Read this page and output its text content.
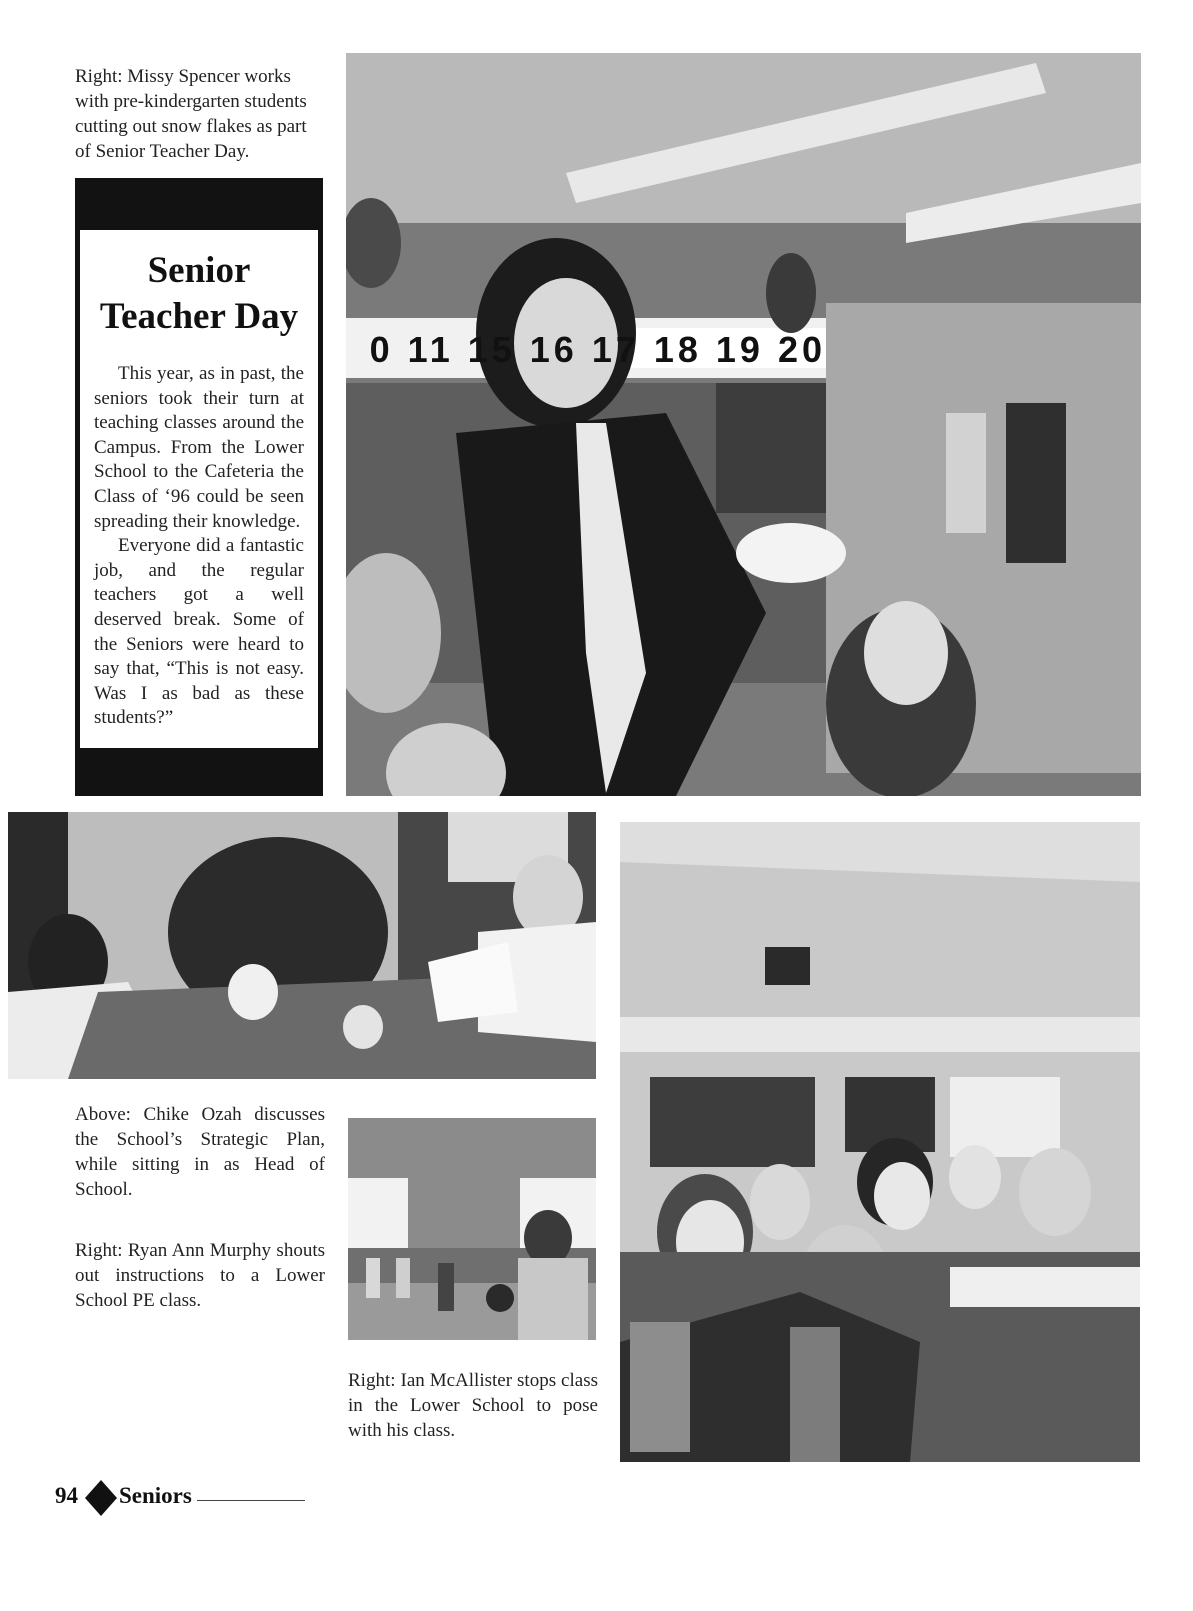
Right: Missy Spencer works with pre-kindergarten students cutting out snow flakes as part of Senior Teacher Day.
Senior
Teacher Day

This year, as in past, the seniors took their turn at teaching classes around the Campus. From the Lower School to the Cafeteria the Class of ‘96 could be seen spreading their knowledge.

Everyone did a fantastic job, and the regular teachers got a well deserved break. Some of the Seniors were heard to say that, “This is not easy. Was I as bad as these students?”

0 11 15 16 17 18 19 20
Above: Chike Ozah discusses the School’s Strategic Plan, while sitting in as Head of School.
Right: Ryan Ann Murphy shouts out instructions to a Lower School PE class.
Right: Ian McAllister stops class in the Lower School to pose with his class.
94 Seniors
